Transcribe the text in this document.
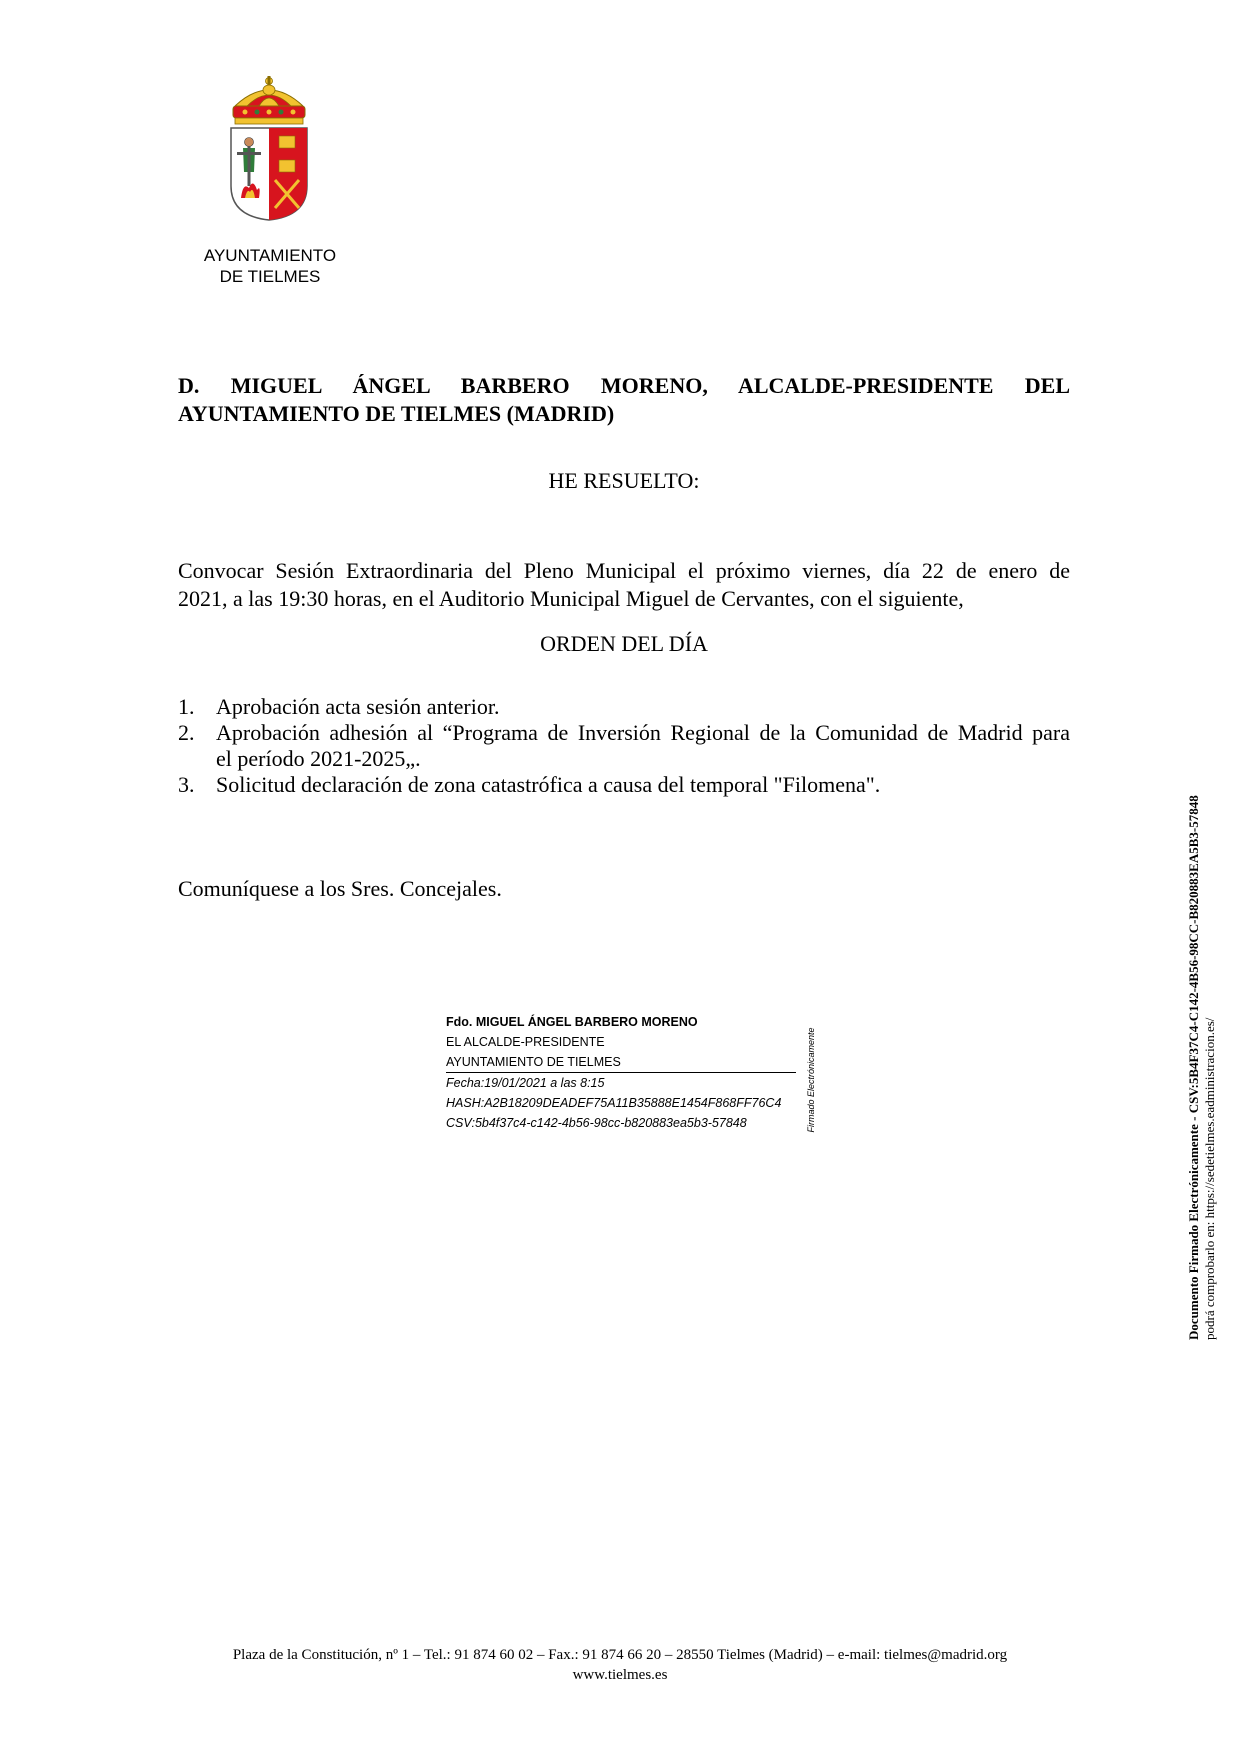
AYUNTAMIENTO
DE TIELMES
D. MIGUEL ÁNGEL BARBERO MORENO, ALCALDE-PRESIDENTE DEL
AYUNTAMIENTO DE TIELMES (MADRID)
HE RESUELTO:
Convocar Sesión Extraordinaria del Pleno Municipal el próximo viernes, día 22 de enero de
2021, a las 19:30 horas, en el Auditorio Municipal Miguel de Cervantes, con el siguiente,
ORDEN DEL DÍA
1. Aprobación acta sesión anterior.
2. Aprobación adhesión al “Programa de Inversión Regional de la Comunidad de Madrid para
el período 2021-2025„.
3. Solicitud declaración de zona catastrófica a causa del temporal "Filomena".
Comuníquese a los Sres. Concejales.
Fdo. MIGUEL ÁNGEL BARBERO MORENO
EL ALCALDE-PRESIDENTE
AYUNTAMIENTO DE TIELMES
Fecha:19/01/2021 a las 8:15
HASH:A2B18209DEADEF75A11B35888E1454F868FF76C4
CSV:5b4f37c4-c142-4b56-98cc-b820883ea5b3-57848	Firmado Electrónicamente	Documento Firmado Electrónicamente - CSV:5B4F37C4-C142-4B56-98CC-B820883EA5B3-57848 podrá comprobarlo en: https://sedetielmes.eadministracion.es/
Plaza de la Constitución, nº 1 – Tel.: 91 874 60 02 – Fax.: 91 874 66 20 – 28550 Tielmes (Madrid) – e-mail: tielmes@madrid.org
www.tielmes.es
